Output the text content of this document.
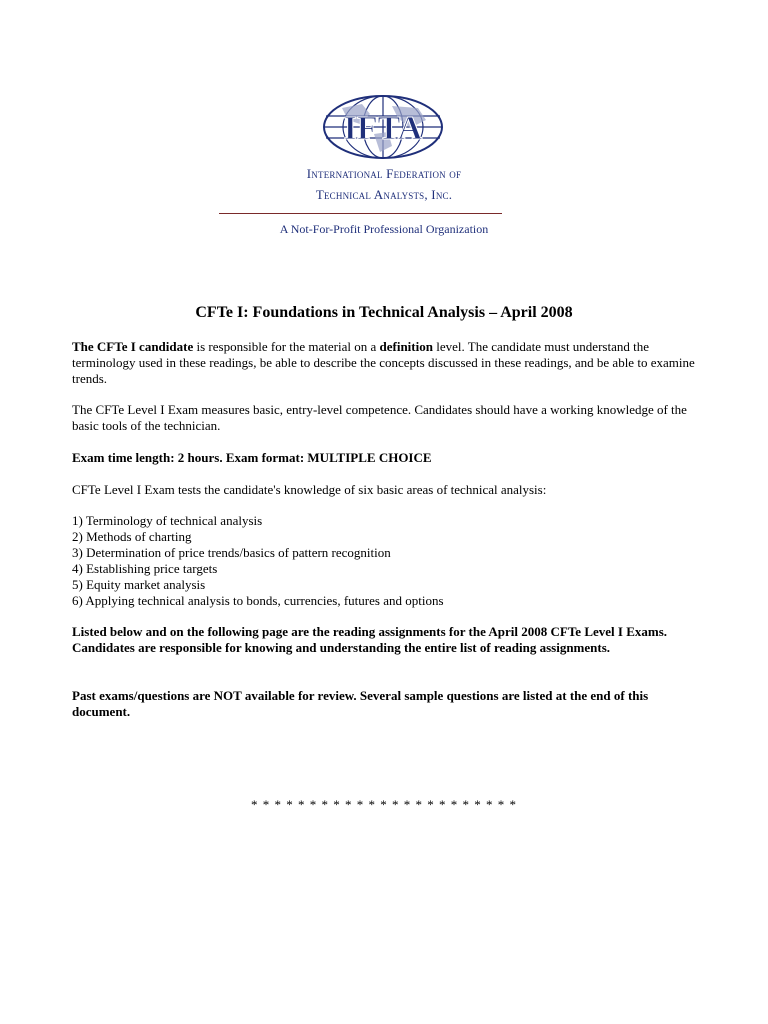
IFTA
International Federation of
Technical Analysts, Inc.
A Not-For-Profit Professional Organization
CFTe I: Foundations in Technical Analysis – April 2008
The CFTe I candidate is responsible for the material on a definition level. The candidate must understand the terminology used in these readings, be able to describe the concepts discussed in these readings, and be able to examine trends.
The CFTe Level I Exam measures basic, entry-level competence. Candidates should have a working knowledge of the basic tools of the technician.
Exam time length: 2 hours. Exam format: MULTIPLE CHOICE
CFTe Level I Exam tests the candidate's knowledge of six basic areas of technical analysis:
1) Terminology of technical analysis
2) Methods of charting
3) Determination of price trends/basics of pattern recognition
4) Establishing price targets
5) Equity market analysis
6) Applying technical analysis to bonds, currencies, futures and options
Listed below and on the following page are the reading assignments for the April 2008 CFTe Level I Exams. Candidates are responsible for knowing and understanding the entire list of reading assignments.
Past exams/questions are NOT available for review. Several sample questions are listed at the end of this document.
* * * * * * * * * * * * * * * * * * * * * * *
